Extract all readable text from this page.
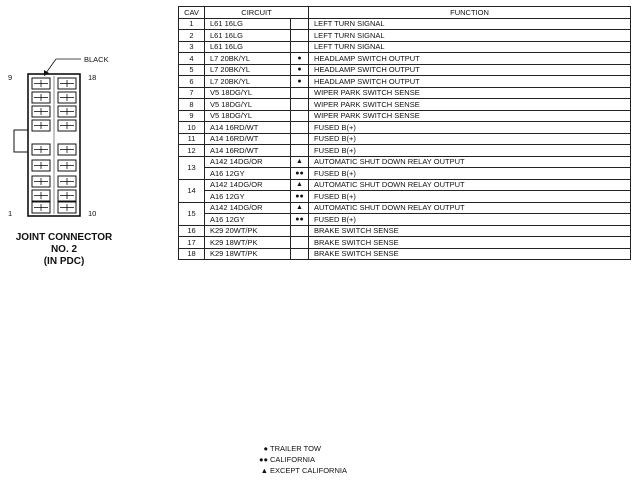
9	18
1	10
BLACK
JOINT CONNECTOR
NO. 2
(IN PDC)
CAV	CIRCUIT		FUNCTION
1	L61 16LG		LEFT TURN SIGNAL
2	L61 16LG		LEFT TURN SIGNAL
3	L61 16LG		LEFT TURN SIGNAL
4	L7 20BK/YL	●	HEADLAMP SWITCH OUTPUT
5	L7 20BK/YL	●	HEADLAMP SWITCH OUTPUT
6	L7 20BK/YL	●	HEADLAMP SWITCH OUTPUT
7	V5 18DG/YL		WIPER PARK SWITCH SENSE
8	V5 18DG/YL		WIPER PARK SWITCH SENSE
9	V5 18DG/YL		WIPER PARK SWITCH SENSE
10	A14 16RD/WT		FUSED B(+)
11	A14 16RD/WT		FUSED B(+)
12	A14 16RD/WT		FUSED B(+)
13	A142 14DG/OR	▲	AUTOMATIC SHUT DOWN RELAY OUTPUT
	A16 12GY	●●	FUSED B(+)
14	A142 14DG/OR	▲	AUTOMATIC SHUT DOWN RELAY OUTPUT
	A16 12GY	●●	FUSED B(+)
15	A142 14DG/OR	▲	AUTOMATIC SHUT DOWN RELAY OUTPUT
	A16 12GY	●●	FUSED B(+)
16	K29 20WT/PK		BRAKE SWITCH SENSE
17	K29 18WT/PK		BRAKE SWITCH SENSE
18	K29 18WT/PK		BRAKE SWITCH SENSE
● TRAILER TOW
●● CALIFORNIA
▲ EXCEPT CALIFORNIA
